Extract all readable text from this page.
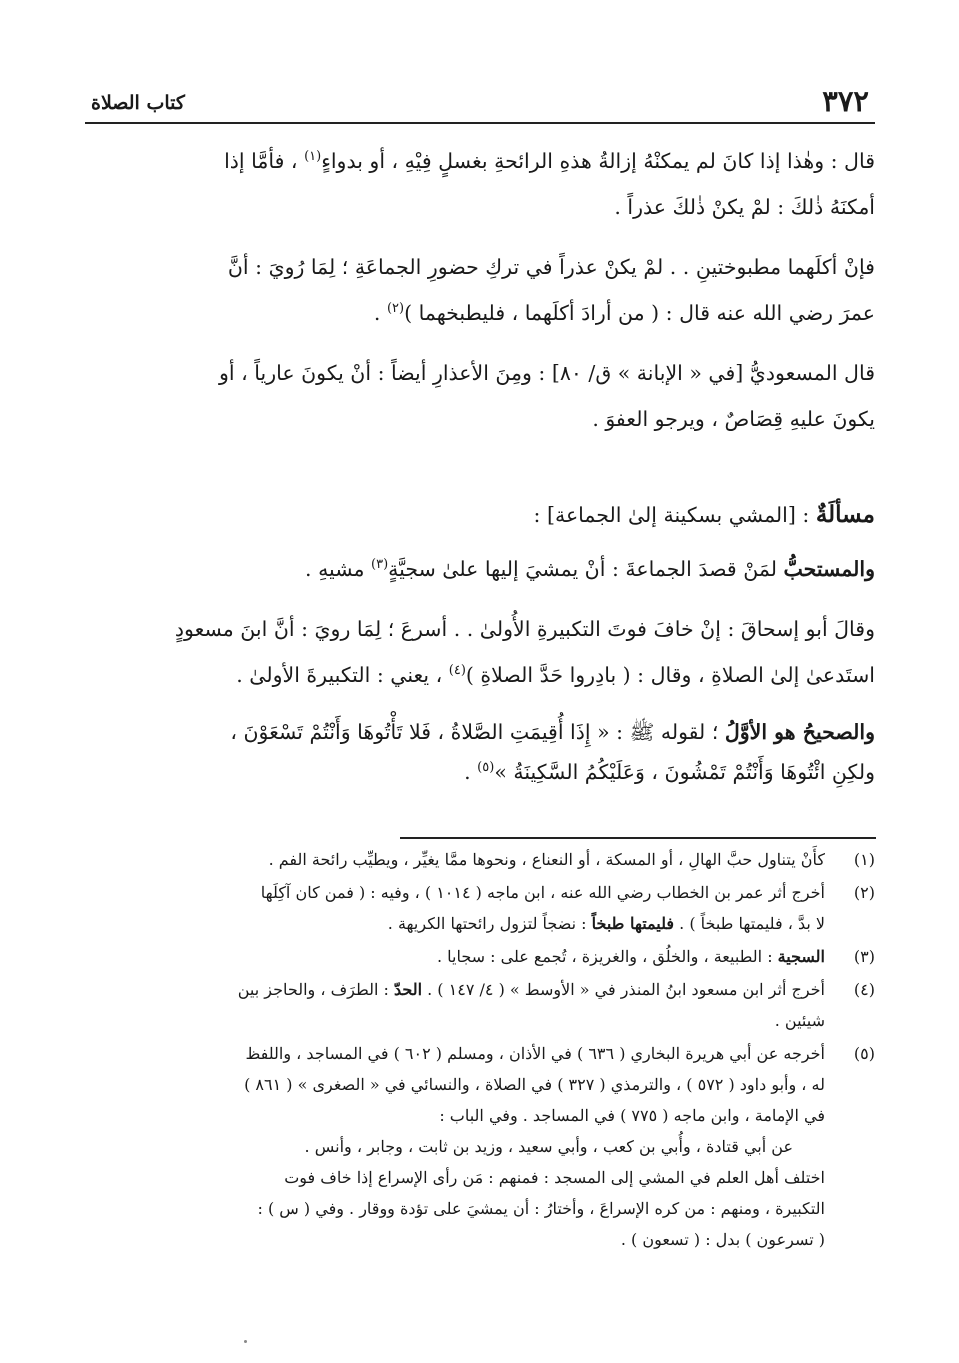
٣٧٢
كتاب الصلاة

قال : وهٰذا إذا كانَ لم يمكنْهُ إزالةُ هذهِ الرائحةِ بغسلٍ فِيْهِ ، أو بدواءٍ$^{(١)}$ ، فأمَّا إذا
أمكنَهُ ذٰلكَ : لمْ يكنْ ذٰلكَ عذراً .

فإنْ أكلَهما مطبوختينِ . . لمْ يكنْ عذراً في تركِ حضورِ الجماعَةِ ؛ لِمَا رُويَ : أنَّ
عمرَ رضي الله عنه قال : ( من أرادَ أكلَهما ، فليطبخهما )$^{(٢)}$ .

قال المسعوديُّ [في « الإبانة » ق/ ٨٠] : ومِنَ الأعذارِ أيضاً : أنْ يكونَ عارياً ، أو
يكونَ عليهِ قِصَاصٌ ، ويرجو العفوَ .

مسألَةٌ : [المشي بسكينة إلىٰ الجماعة] :

والمستحبُّ لمَنْ قصدَ الجماعةَ : أنْ يمشيَ إليها علىٰ سجيَّةٍ$^{(٣)}$ مشيهِ .

وقالَ أبو إسحاقَ : إنْ خافَ فوتَ التكبيرةِ الأُولىٰ . . أسرعَ ؛ لِمَا رويَ : أنَّ ابنَ مسعودٍ
استَدعىٰ إلىٰ الصلاةِ ، وقال : ( بادِروا حَدَّ الصلاةِ )$^{(٤)}$ ، يعني : التكبيرةَ الأولىٰ .

والصحيحُ هو الأوَّلُ ؛ لقوله ﷺ : « إِذَا أُقِيمَتِ الصَّلاةُ ، فَلا تَأْتُوهَا وَأَنْتُمْ تَسْعَوْنَ ،
ولكِنِ ائْتُوهَا وَأَنْتُمْ تَمْشُونَ ، وَعَلَيْكُمُ السَّكِينَةُ »$^{(٥)}$ .

(١)
كأَنْ يتناول حبَّ الهالِ ، أو المسكة ، أو النعناع ، ونحوها ممَّا يغيِّر ، ويطيِّب رائحة الفم .
(٢)
أخرج أثر عمر بن الخطاب رضي الله عنه ، ابن ماجه ( ١٠١٤ ) ، وفيه : ( فمن كان آكِلَها
لا بدَّ ، فليمتها طبخاً ) . فليمتها طبخاً : نضجاً لتزول رائحتها الكريهة .
(٣)
السجية : الطبيعة ، والخلُق ، والغريزة ، تُجمع على : سجايا .
(٤)
أخرج أثر ابن مسعود ابنُ المنذر في « الأوسط » ( ٤/ ١٤٧ ) . الحدّ : الطرَف ، والحاجز بين
شيئين .
(٥)
أخرجه عن أبي هريرة البخاري ( ٦٣٦ ) في الأذان ، ومسلم ( ٦٠٢ ) في المساجد ، واللفظ
له ، وأبو داود ( ٥٧٢ ) ، والترمذي ( ٣٢٧ ) في الصلاة ، والنسائي في « الصغرى » ( ٨٦١ )
في الإمامة ، وابن ماجه ( ٧٧٥ ) في المساجد . وفي الباب :
عن أبي قتادة ، وأُبي بن كعب ، وأبي سعيد ، وزيد بن ثابت ، وجابر ، وأنس .
اختلف أهل العلم في المشي إلى المسجد : فمنهم : مَن رأى الإسراع إذا خاف فوت
التكبيرة ، ومنهم : من كره الإسراعَ ، وأختارُ : أن يمشيَ على تؤدة ووقار . وفي ( س ) :
( تسرعون ) بدل : ( تسعون ) .
